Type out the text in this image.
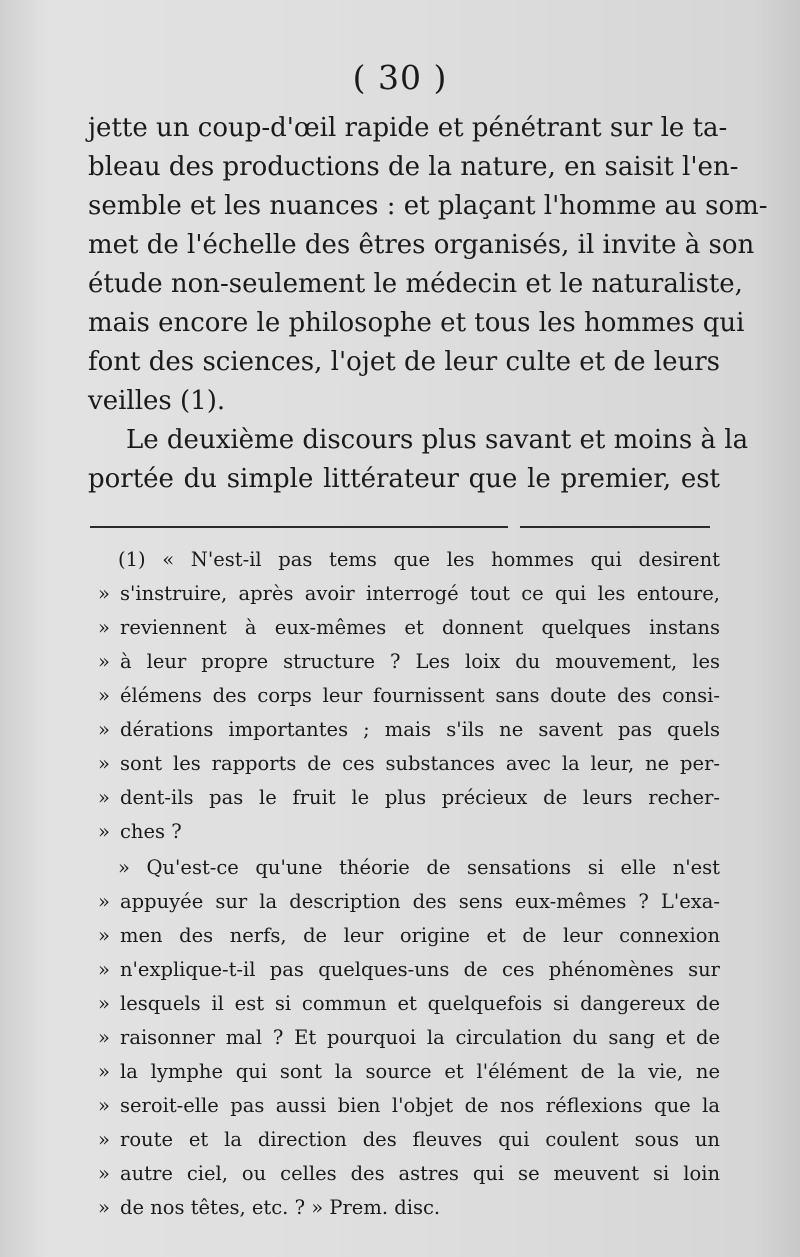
( 30 )
jette un coup-d'œil rapide et pénétrant sur le ta-
bleau des productions de la nature, en saisit l'en-
semble et les nuances : et plaçant l'homme au som-
met de l'échelle des êtres organisés, il invite à son
étude non-seulement le médecin et le naturaliste,
mais encore le philosophe et tous les hommes qui
font des sciences, l'ojet de leur culte et de leurs
veilles (1).
Le deuxième discours plus savant et moins à la
portée du simple littérateur que le premier, est
(1) « N'est-il pas tems que les hommes qui desirent
» s'instruire, après avoir interrogé tout ce qui les entoure,
» reviennent à eux-mêmes et donnent quelques instans
» à leur propre structure ? Les loix du mouvement, les
» élémens des corps leur fournissent sans doute des consi-
» dérations importantes ; mais s'ils ne savent pas quels
» sont les rapports de ces substances avec la leur, ne per-
» dent-ils pas le fruit le plus précieux de leurs recher-
» ches ?
» Qu'est-ce qu'une théorie de sensations si elle n'est
» appuyée sur la description des sens eux-mêmes ? L'exa-
» men des nerfs, de leur origine et de leur connexion
» n'explique-t-il pas quelques-uns de ces phénomènes sur
» lesquels il est si commun et quelquefois si dangereux de
» raisonner mal ? Et pourquoi la circulation du sang et de
» la lymphe qui sont la source et l'élément de la vie, ne
» seroit-elle pas aussi bien l'objet de nos réflexions que la
» route et la direction des fleuves qui coulent sous un
» autre ciel, ou celles des astres qui se meuvent si loin
» de nos têtes, etc. ? » Prem. disc.
